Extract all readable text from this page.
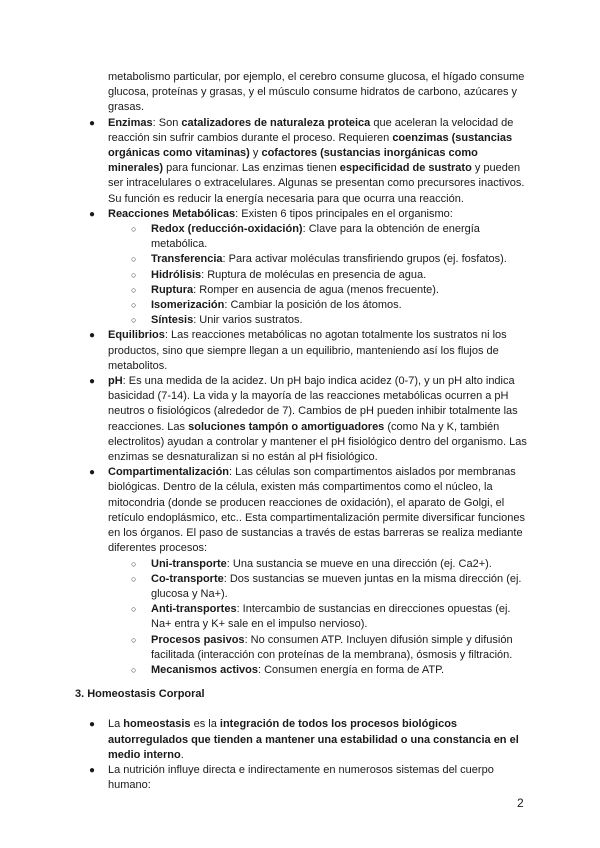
metabolismo particular, por ejemplo, el cerebro consume glucosa, el hígado consume glucosa, proteínas y grasas, y el músculo consume hidratos de carbono, azúcares y grasas.

● Enzimas: Son catalizadores de naturaleza proteica que aceleran la velocidad de reacción sin sufrir cambios durante el proceso. Requieren coenzimas (sustancias orgánicas como vitaminas) y cofactores (sustancias inorgánicas como minerales) para funcionar. Las enzimas tienen especificidad de sustrato y pueden ser intracelulares o extracelulares. Algunas se presentan como precursores inactivos. Su función es reducir la energía necesaria para que ocurra una reacción.
● Reacciones Metabólicas: Existen 6 tipos principales en el organismo:
○ Redox (reducción-oxidación): Clave para la obtención de energía metabólica.
○ Transferencia: Para activar moléculas transfiriendo grupos (ej. fosfatos).
○ Hidrólisis: Ruptura de moléculas en presencia de agua.
○ Ruptura: Romper en ausencia de agua (menos frecuente).
○ Isomerización: Cambiar la posición de los átomos.
○ Síntesis: Unir varios sustratos.
● Equilibrios: Las reacciones metabólicas no agotan totalmente los sustratos ni los productos, sino que siempre llegan a un equilibrio, manteniendo así los flujos de metabolitos.
● pH: Es una medida de la acidez. Un pH bajo indica acidez (0-7), y un pH alto indica basicidad (7-14). La vida y la mayoría de las reacciones metabólicas ocurren a pH neutros o fisiológicos (alrededor de 7). Cambios de pH pueden inhibir totalmente las reacciones. Las soluciones tampón o amortiguadores (como Na y K, también electrolitos) ayudan a controlar y mantener el pH fisiológico dentro del organismo. Las enzimas se desnaturalizan si no están al pH fisiológico.
● Compartimentalización: Las células son compartimentos aislados por membranas biológicas. Dentro de la célula, existen más compartimentos como el núcleo, la mitocondria (donde se producen reacciones de oxidación), el aparato de Golgi, el retículo endoplásmico, etc.. Esta compartimentalización permite diversificar funciones en los órganos. El paso de sustancias a través de estas barreras se realiza mediante diferentes procesos:
○ Uni-transporte: Una sustancia se mueve en una dirección (ej. Ca2+).
○ Co-transporte: Dos sustancias se mueven juntas en la misma dirección (ej. glucosa y Na+).
○ Anti-transportes: Intercambio de sustancias en direcciones opuestas (ej. Na+ entra y K+ sale en el impulso nervioso).
○ Procesos pasivos: No consumen ATP. Incluyen difusión simple y difusión facilitada (interacción con proteínas de la membrana), ósmosis y filtración.
○ Mecanismos activos: Consumen energía en forma de ATP.

3. Homeostasis Corporal

● La homeostasis es la integración de todos los procesos biológicos autorregulados que tienden a mantener una estabilidad o una constancia en el medio interno.
● La nutrición influye directa e indirectamente en numerosos sistemas del cuerpo humano:
2
